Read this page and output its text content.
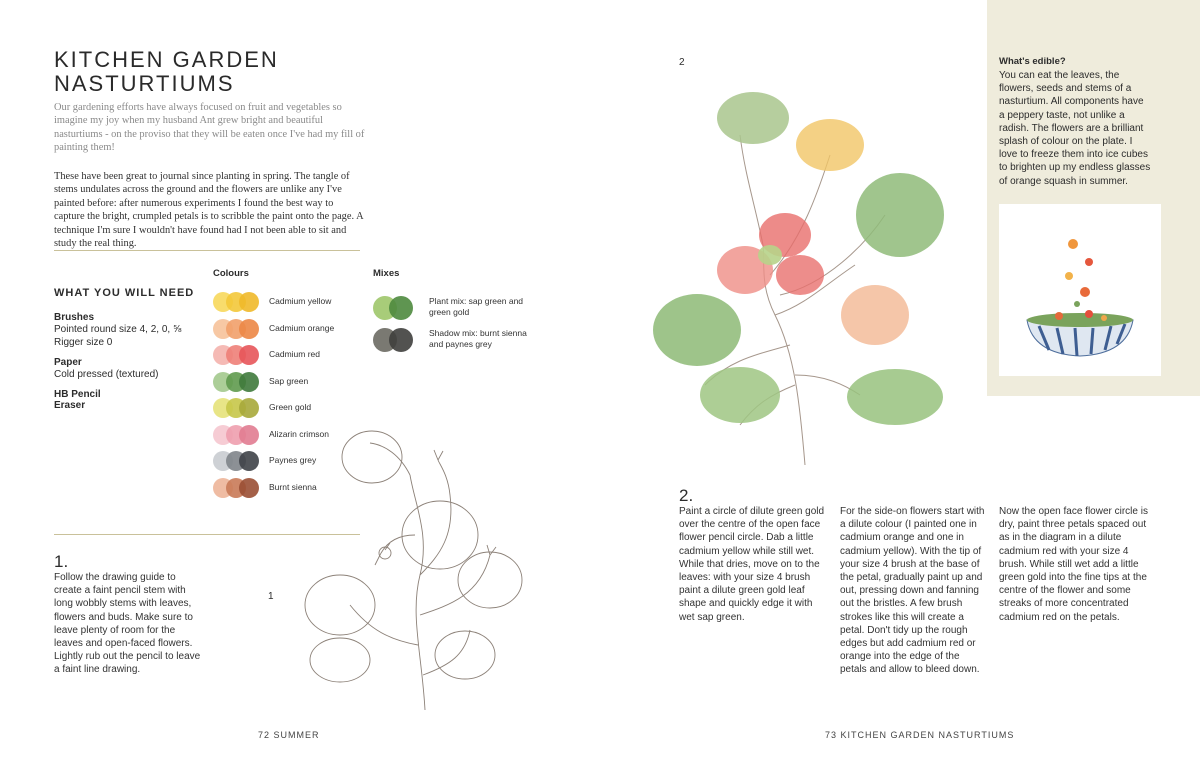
KITCHEN GARDEN
NASTURTIUMS

Our gardening efforts have always focused on fruit and vegetables so imagine my joy when my husband Ant grew bright and beautiful nasturtiums - on the proviso that they will be eaten once I've had my fill of painting them!

These have been great to journal since planting in spring. The tangle of stems undulates across the ground and the flowers are unlike any I've painted before: after numerous experiments I found the best way to capture the bright, crumpled petals is to scribble the paint onto the page. A technique I'm sure I wouldn't have found had I not been able to sit and study the real thing.

WHAT YOU WILL NEED
Brushes
Pointed round size 4, 2, 0, ⅝
Rigger size 0
Paper
Cold pressed (textured)
HB Pencil
Eraser
Colours
Cadmium yellow
Cadmium orange
Cadmium red
Sap green
Green gold
Alizarin crimson
Paynes grey
Burnt sienna
Mixes
Plant mix: sap green and
green gold
Shadow mix: burnt sienna
and paynes grey
1.

Follow the drawing guide to create a faint pencil stem with long wobbly stems with leaves, flowers and buds. Make sure to leave plenty of room for the leaves and open-faced flowers. Lightly rub out the pencil to leave a faint line drawing.

1
72 SUMMER
2	What's edible?

You can eat the leaves, the flowers, seeds and stems of a nasturtium. All components have a peppery taste, not unlike a radish. The flowers are a brilliant splash of colour on the plate. I love to freeze them into ice cubes to brighten up my endless glasses of orange squash in summer.

2.

Paint a circle of dilute green gold over the centre of the open face flower pencil circle. Dab a little cadmium yellow while still wet. While that dries, move on to the leaves: with your size 4 brush paint a dilute green gold leaf shape and quickly edge it with wet sap green.

For the side-on flowers start with a dilute colour (I painted one in cadmium orange and one in cadmium yellow). With the tip of your size 4 brush at the base of the petal, gradually paint up and out, pressing down and fanning out the bristles. A few brush strokes like this will create a petal. Don't tidy up the rough edges but add cadmium red or orange into the edge of the petals and allow to bleed down.

Now the open face flower circle is dry, paint three petals spaced out as in the diagram in a dilute cadmium red with your size 4 brush. While still wet add a little green gold into the fine tips at the centre of the flower and some streaks of more concentrated cadmium red on the petals.

73 KITCHEN GARDEN NASTURTIUMS
